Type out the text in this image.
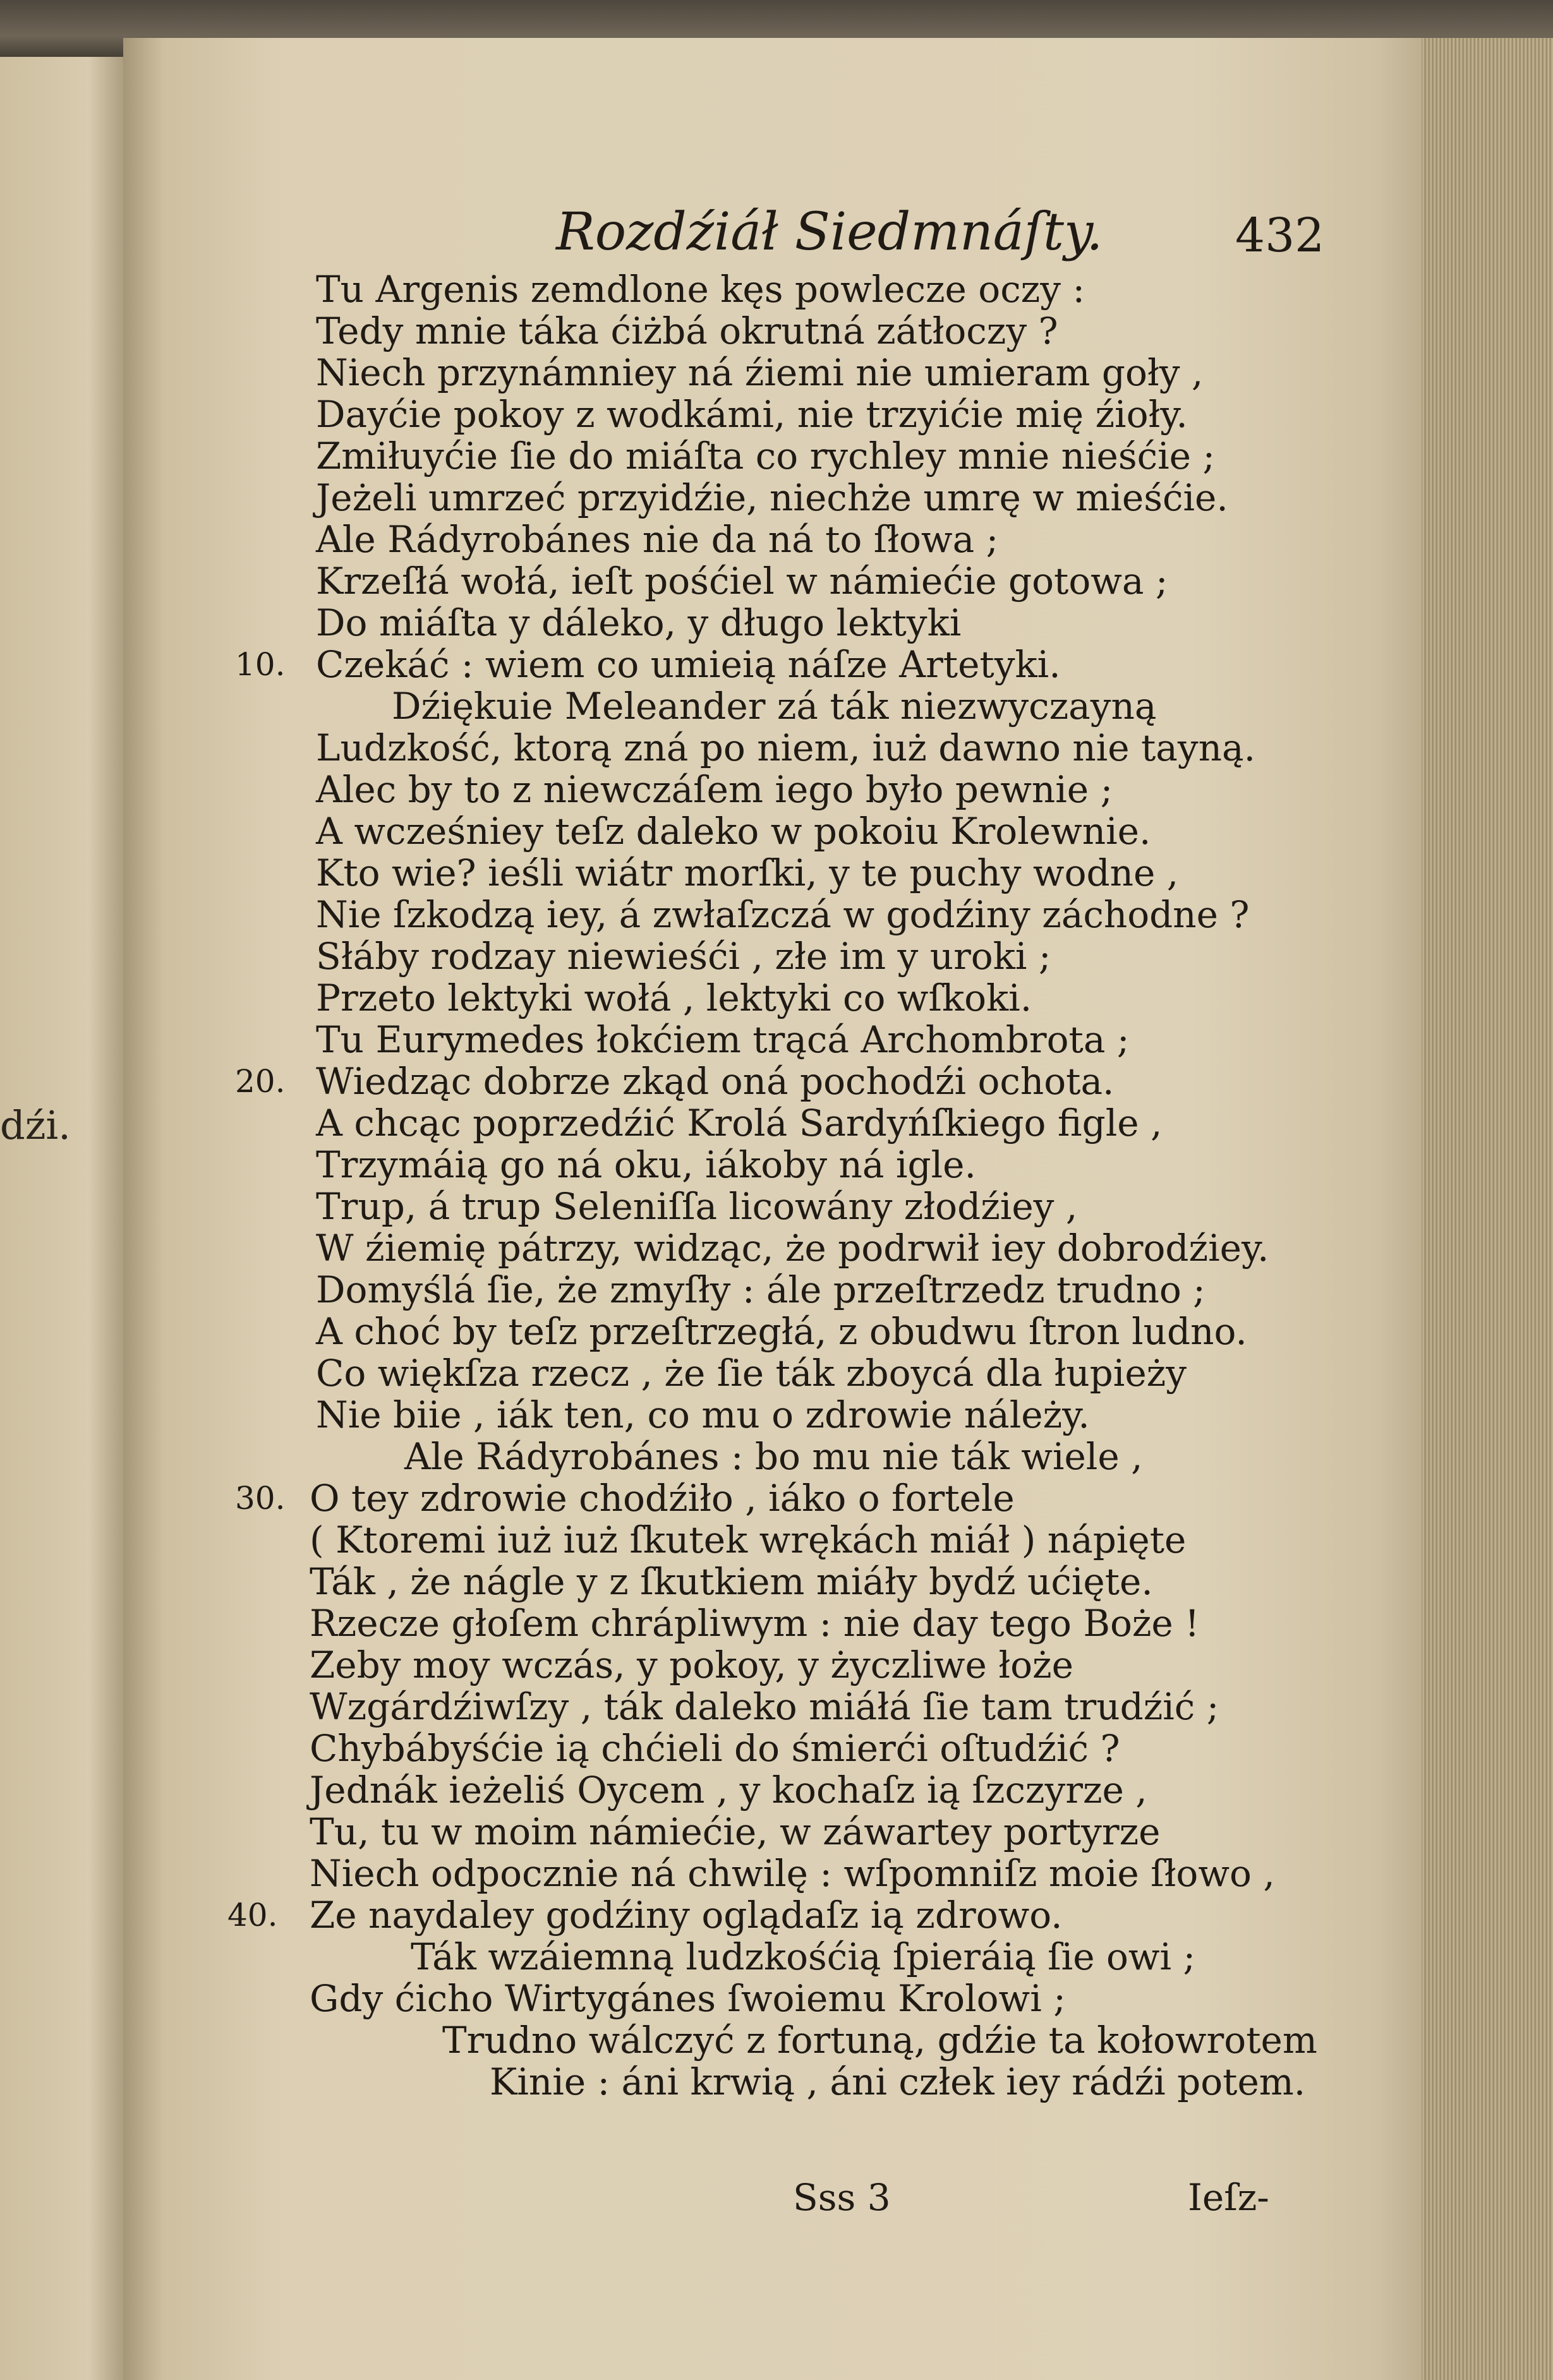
dźi.
Rozdźiáł Siedmnáſty.	432
Tu Argenis zemdlone kęs powlecze oczy :
Tedy mnie táka ćiżbá okrutná zátłoczy ?
Niech przynámniey ná źiemi nie umieram goły ,
Dayćie pokoy z wodkámi, nie trzyićie mię źioły.
Zmiłuyćie ſie do miáſta co rychley mnie nieśćie ;
Jeżeli umrzeć przyidźie, niechże umrę w mieśćie.
Ale Rádyrobánes nie da ná to ſłowa ;
Krzeſłá wołá, ieſt pośćiel w námiećie gotowa ;
Do miáſta y dáleko, y długo lektyki
10. Czekáć : wiem co umieią náſze Artetyki.
Dźiękuie Meleander zá ták niezwyczayną
Ludzkość, ktorą zná po niem, iuż dawno nie tayną.
Alec by to z niewczáſem iego było pewnie ;
A wcześniey teſz daleko w pokoiu Krolewnie.
Kto wie? ieśli wiátr morſki, y te puchy wodne ,
Nie ſzkodzą iey, á zwłaſzczá w godźiny záchodne ?
Słáby rodzay niewieśći , złe im y uroki ;
Przeto lektyki wołá , lektyki co wſkoki.
Tu Eurymedes łokćiem trącá Archombrota ;
20. Wiedząc dobrze zkąd oná pochodźi ochota.
A chcąc poprzedźić Krolá Sardyńſkiego figle ,
Trzymáią go ná oku, iákoby ná igle.
Trup, á trup Seleniſſa licowány złodźiey ,
W źiemię pátrzy, widząc, że podrwił iey dobrodźiey.
Domyślá ſie, że zmyſły : ále przeſtrzedz trudno ;
A choć by teſz przeſtrzegłá, z obudwu ſtron ludno.
Co więkſza rzecz , że ſie ták zboycá dla łupieży
Nie biie , iák ten, co mu o zdrowie náleży.
Ale Rádyrobánes : bo mu nie ták wiele ,
30. O tey zdrowie chodźiło , iáko o fortele
( Ktoremi iuż iuż ſkutek wrękách miáł ) nápięte
Ták , że nágle y z ſkutkiem miáły bydź ućięte.
Rzecze głoſem chrápliwym : nie day tego Boże !
Zeby moy wczás, y pokoy, y życzliwe łoże
Wzgárdźiwſzy , ták daleko miáłá ſie tam trudźić ;
Chybábyśćie ią chćieli do śmierći oſtudźić ?
Jednák ieżeliś Oycem , y kochaſz ią ſzczyrze ,
Tu, tu w moim námiećie, w záwartey portyrze
Niech odpocznie ná chwilę : wſpomniſz moie ſłowo ,
40. Ze naydaley godźiny oglądaſz ią zdrowo.
Ták wzáiemną ludzkośćią ſpieráią ſie owi ;
Gdy ćicho Wirtygánes ſwoiemu Krolowi ;
Trudno wálczyć z fortuną, gdźie ta kołowrotem
Kinie : áni krwią , áni człek iey rádźi potem.
Sss 3	Ieſz-
